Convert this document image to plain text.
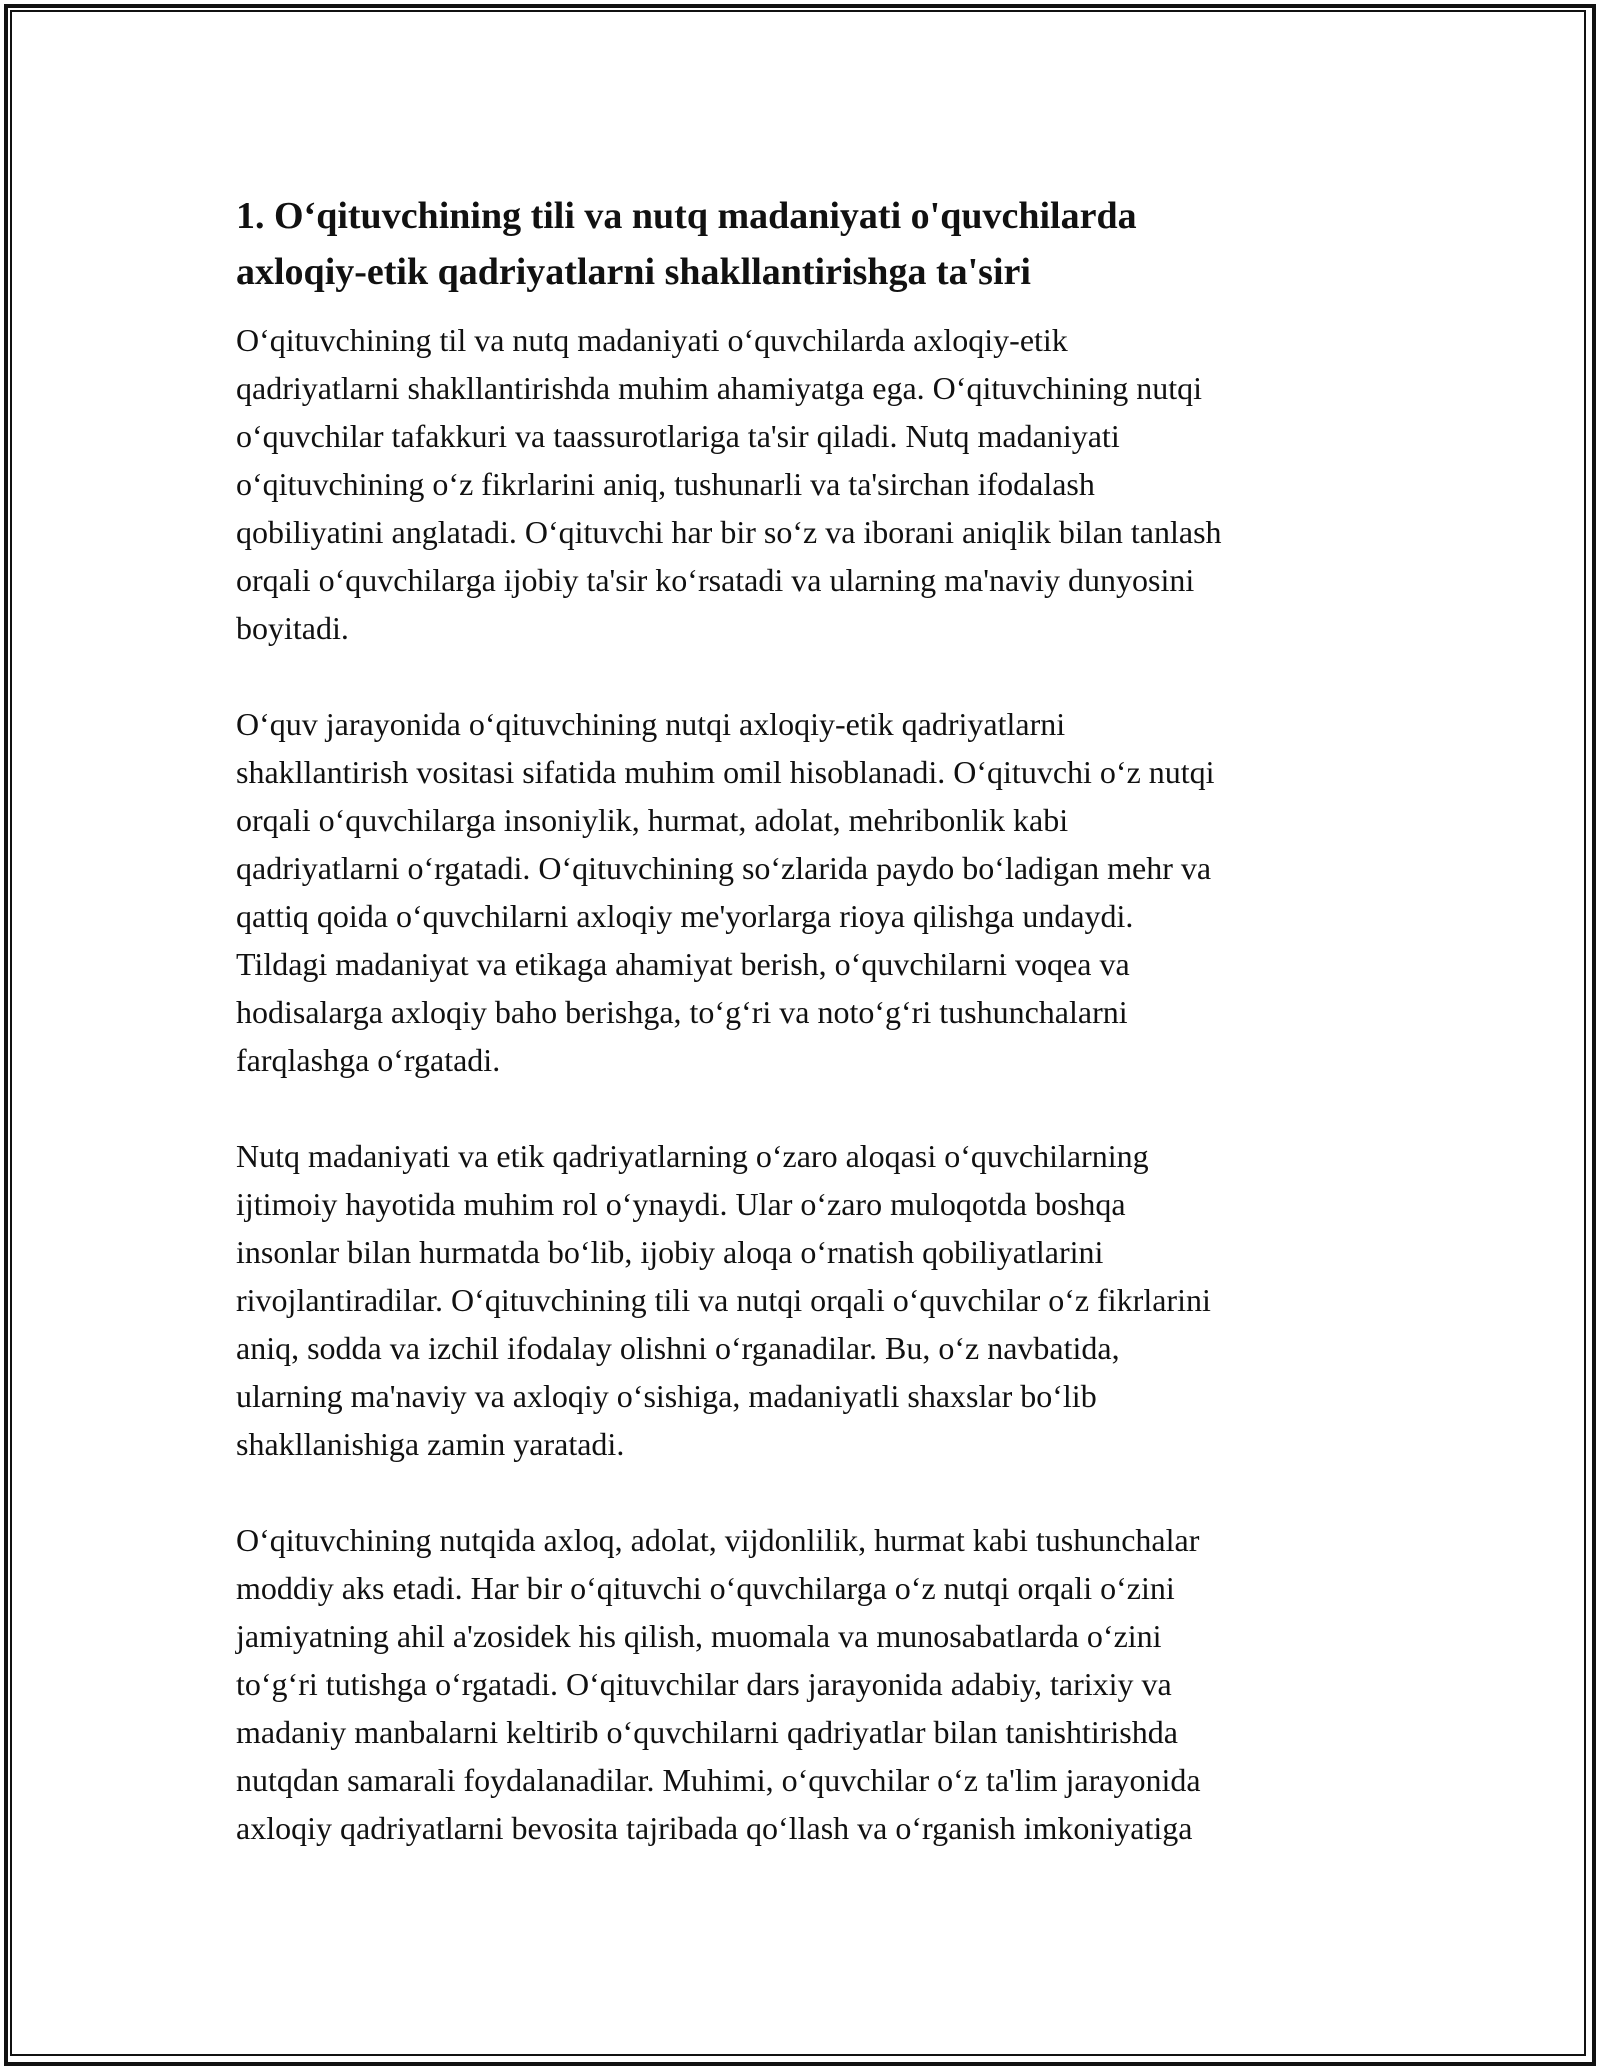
1. O‘qituvchining tili va nutq madaniyati o'quvchilarda
axloqiy-etik qadriyatlarni shakllantirishga ta'siri

O‘qituvchining til va nutq madaniyati o‘quvchilarda axloqiy-etik
qadriyatlarni shakllantirishda muhim ahamiyatga ega. O‘qituvchining nutqi
o‘quvchilar tafakkuri va taassurotlariga ta'sir qiladi. Nutq madaniyati
o‘qituvchining o‘z fikrlarini aniq, tushunarli va ta'sirchan ifodalash
qobiliyatini anglatadi. O‘qituvchi har bir so‘z va iborani aniqlik bilan tanlash
orqali o‘quvchilarga ijobiy ta'sir ko‘rsatadi va ularning ma'naviy dunyosini
boyitadi.

O‘quv jarayonida o‘qituvchining nutqi axloqiy-etik qadriyatlarni
shakllantirish vositasi sifatida muhim omil hisoblanadi. O‘qituvchi o‘z nutqi
orqali o‘quvchilarga insoniylik, hurmat, adolat, mehribonlik kabi
qadriyatlarni o‘rgatadi. O‘qituvchining so‘zlarida paydo bo‘ladigan mehr va
qattiq qoida o‘quvchilarni axloqiy me'yorlarga rioya qilishga undaydi.
Tildagi madaniyat va etikaga ahamiyat berish, o‘quvchilarni voqea va
hodisalarga axloqiy baho berishga, to‘g‘ri va noto‘g‘ri tushunchalarni
farqlashga o‘rgatadi.

Nutq madaniyati va etik qadriyatlarning o‘zaro aloqasi o‘quvchilarning
ijtimoiy hayotida muhim rol o‘ynaydi. Ular o‘zaro muloqotda boshqa
insonlar bilan hurmatda bo‘lib, ijobiy aloqa o‘rnatish qobiliyatlarini
rivojlantiradilar. O‘qituvchining tili va nutqi orqali o‘quvchilar o‘z fikrlarini
aniq, sodda va izchil ifodalay olishni o‘rganadilar. Bu, o‘z navbatida,
ularning ma'naviy va axloqiy o‘sishiga, madaniyatli shaxslar bo‘lib
shakllanishiga zamin yaratadi.

O‘qituvchining nutqida axloq, adolat, vijdonlilik, hurmat kabi tushunchalar
moddiy aks etadi. Har bir o‘qituvchi o‘quvchilarga o‘z nutqi orqali o‘zini
jamiyatning ahil a'zosidek his qilish, muomala va munosabatlarda o‘zini
to‘g‘ri tutishga o‘rgatadi. O‘qituvchilar dars jarayonida adabiy, tarixiy va
madaniy manbalarni keltirib o‘quvchilarni qadriyatlar bilan tanishtirishda
nutqdan samarali foydalanadilar. Muhimi, o‘quvchilar o‘z ta'lim jarayonida
axloqiy qadriyatlarni bevosita tajribada qo‘llash va o‘rganish imkoniyatiga
